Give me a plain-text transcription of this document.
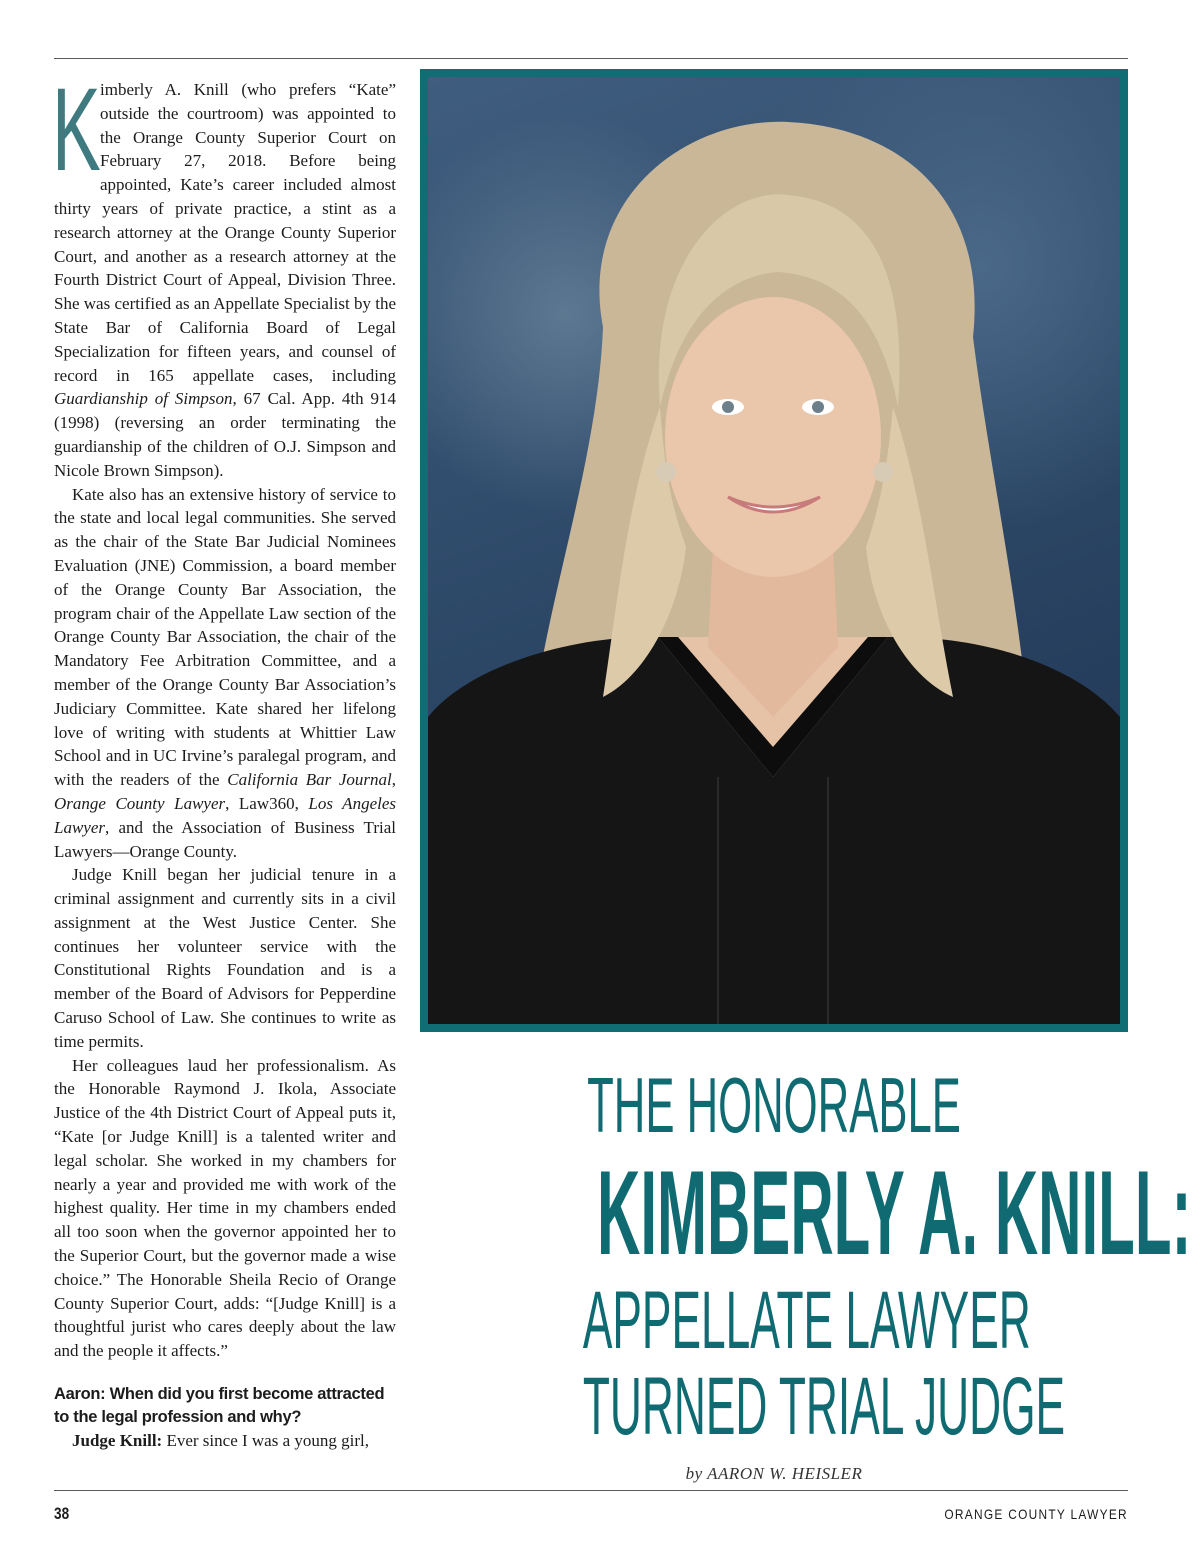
Kimberly A. Knill (who prefers “Kate” outside the courtroom) was appointed to the Orange County Superior Court on February 27, 2018. Before being appointed, Kate’s career included almost thirty years of private practice, a stint as a research attorney at the Orange County Superior Court, and another as a research attorney at the Fourth District Court of Appeal, Division Three. She was certified as an Appellate Specialist by the State Bar of California Board of Legal Specialization for fifteen years, and counsel of record in 165 appellate cases, including Guardianship of Simpson, 67 Cal. App. 4th 914 (1998) (reversing an order terminating the guardianship of the children of O.J. Simpson and Nicole Brown Simpson).

Kate also has an extensive history of service to the state and local legal communities. She served as the chair of the State Bar Judicial Nominees Evaluation (JNE) Commission, a board member of the Orange County Bar Association, the program chair of the Appellate Law section of the Orange County Bar Association, the chair of the Mandatory Fee Arbitration Committee, and a member of the Orange County Bar Association’s Judiciary Committee. Kate shared her lifelong love of writing with students at Whittier Law School and in UC Irvine’s paralegal program, and with the readers of the California Bar Journal, Orange County Lawyer, Law360, Los Angeles Lawyer, and the Association of Business Trial Lawyers—Orange County.

Judge Knill began her judicial tenure in a criminal assignment and currently sits in a civil assignment at the West Justice Center. She continues her volunteer service with the Constitutional Rights Foundation and is a member of the Board of Advisors for Pepperdine Caruso School of Law. She continues to write as time permits.

Her colleagues laud her professionalism. As the Honorable Raymond J. Ikola, Associate Justice of the 4th District Court of Appeal puts it, “Kate [or Judge Knill] is a talented writer and legal scholar. She worked in my chambers for nearly a year and provided me with work of the highest quality. Her time in my chambers ended all too soon when the governor appointed her to the Superior Court, but the governor made a wise choice.” The Honorable Sheila Recio of Orange County Superior Court, adds: “[Judge Knill] is a thoughtful jurist who cares deeply about the law and the people it affects.”

Aaron: When did you first become attracted to the legal profession and why?

Judge Knill: Ever since I was a young girl,

THE HONORABLE
KIMBERLY A. KNILL:
APPELLATE LAWYER
TURNED TRIAL JUDGE
by AARON W. HEISLER
38	ORANGE COUNTY LAWYER
